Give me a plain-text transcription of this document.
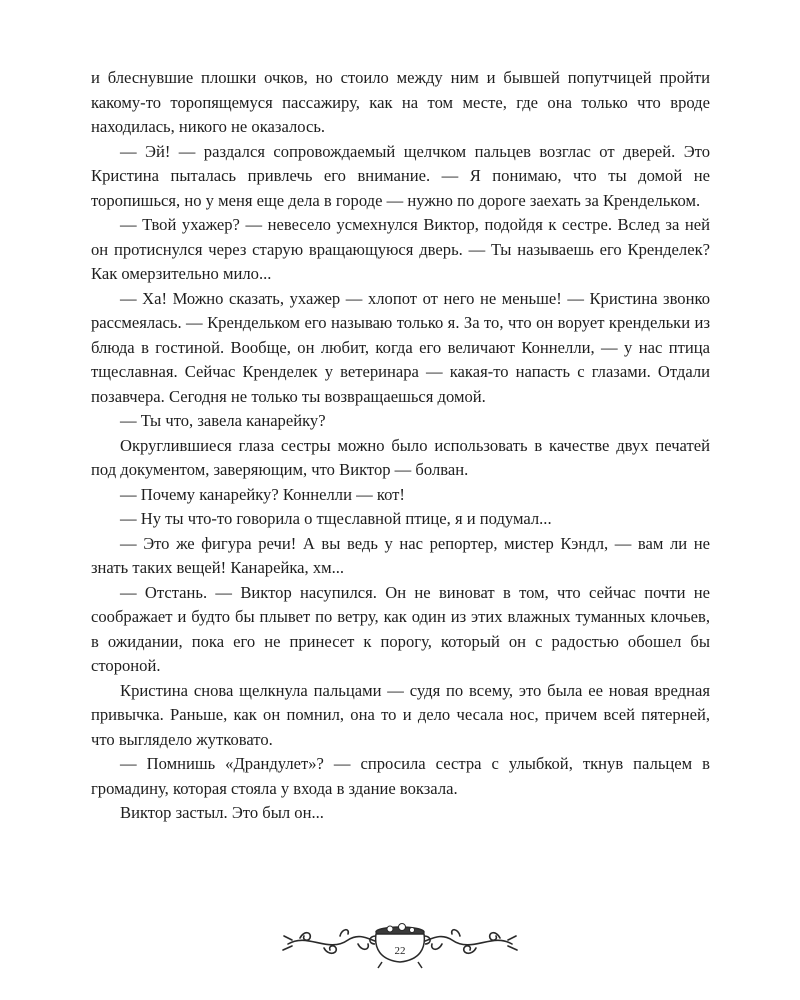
и блеснувшие плошки очков, но стоило между ним и бывшей попутчицей пройти какому-то торопящемуся пассажиру, как на том месте, где она только что вроде находилась, никого не оказалось.

— Эй! — раздался сопровождаемый щелчком пальцев возглас от дверей. Это Кристина пыталась привлечь его внимание. — Я понимаю, что ты домой не торопишься, но у меня еще дела в городе — нужно по дороге заехать за Крендельком.

— Твой ухажер? — невесело усмехнулся Виктор, подойдя к сестре. Вслед за ней он протиснулся через старую вращающуюся дверь. — Ты называешь его Кренделек? Как омерзительно мило...

— Ха! Можно сказать, ухажер — хлопот от него не меньше! — Кристина звонко рассмеялась. — Крендельком его называю только я. За то, что он ворует крендельки из блюда в гостиной. Вообще, он любит, когда его величают Коннелли, — у нас птица тщеславная. Сейчас Кренделек у ветеринара — какая-то напасть с глазами. Отдали позавчера. Сегодня не только ты возвращаешься домой.

— Ты что, завела канарейку?

Округлившиеся глаза сестры можно было использовать в качестве двух печатей под документом, заверяющим, что Виктор — болван.

— Почему канарейку? Коннелли — кот!

— Ну ты что-то говорила о тщеславной птице, я и подумал...

— Это же фигура речи! А вы ведь у нас репортер, мистер Кэндл, — вам ли не знать таких вещей! Канарейка, хм...

— Отстань. — Виктор насупился. Он не виноват в том, что сейчас почти не соображает и будто бы плывет по ветру, как один из этих влажных туманных клочьев, в ожидании, пока его не принесет к порогу, который он с радостью обошел бы стороной.

Кристина снова щелкнула пальцами — судя по всему, это была ее новая вредная привычка. Раньше, как он помнил, она то и дело чесала нос, причем всей пятерней, что выглядело жутковато.

— Помнишь «Драндулет»? — спросила сестра с улыбкой, ткнув пальцем в громадину, которая стояла у входа в здание вокзала.

Виктор застыл. Это был он...

22
